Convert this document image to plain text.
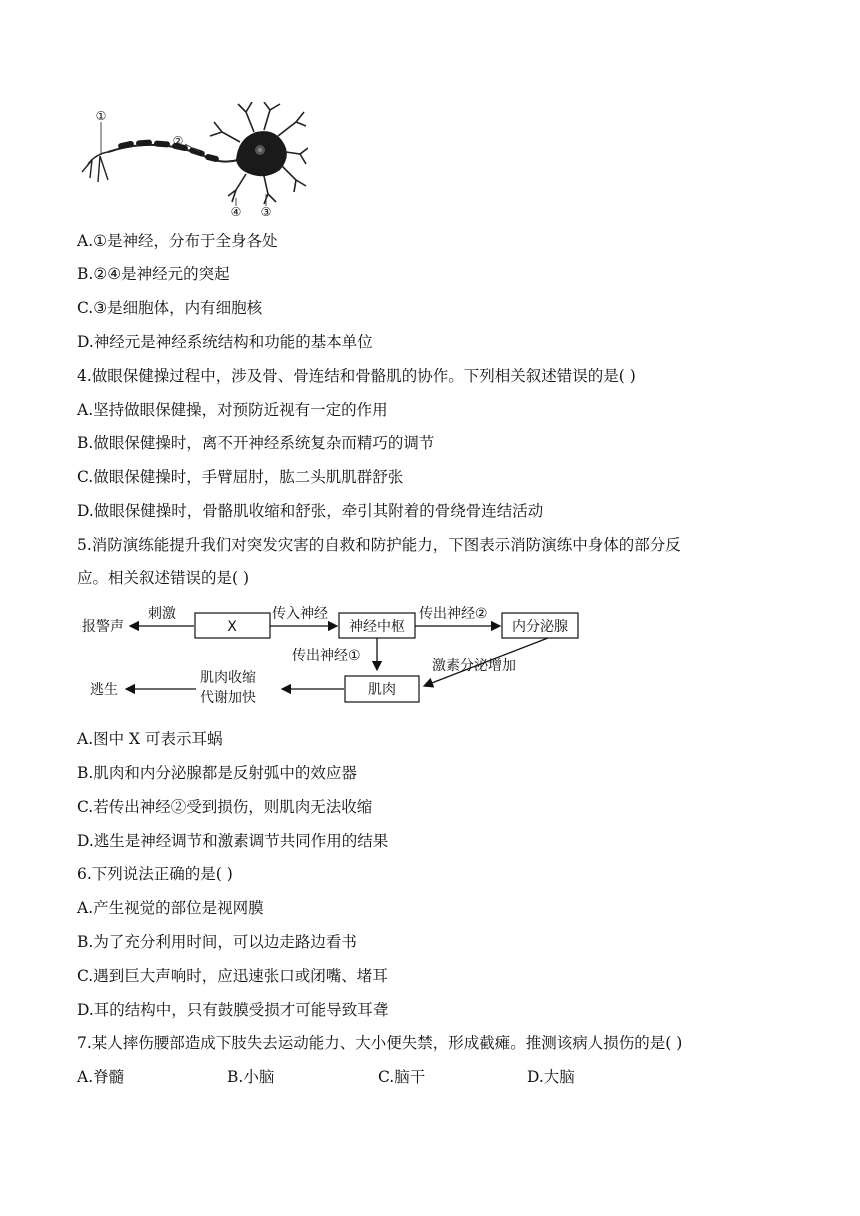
①
②
④ ③
A.①是神经，分布于全身各处
B.②④是神经元的突起
C.③是细胞体，内有细胞核
D.神经元是神经系统结构和功能的基本单位
4.做眼保健操过程中，涉及骨、骨连结和骨骼肌的协作。下列相关叙述错误的是( )
A.坚持做眼保健操，对预防近视有一定的作用
B.做眼保健操时，离不开神经系统复杂而精巧的调节
C.做眼保健操时，手臂屈肘，肱二头肌肌群舒张
D.做眼保健操时，骨骼肌收缩和舒张，牵引其附着的骨绕骨连结活动
5.消防演练能提升我们对突发灾害的自救和防护能力，下图表示消防演练中身体的部分反
应。相关叙述错误的是( )
报警声
刺激
X
传入神经
神经中枢
传出神经②
内分泌腺
传出神经①
激素分泌增加
肌肉
肌肉收缩
代谢加快
逃生
A.图中 X 可表示耳蜗
B.肌肉和内分泌腺都是反射弧中的效应器
C.若传出神经②受到损伤，则肌肉无法收缩
D.逃生是神经调节和激素调节共同作用的结果
6.下列说法正确的是( )
A.产生视觉的部位是视网膜
B.为了充分利用时间，可以边走路边看书
C.遇到巨大声响时，应迅速张口或闭嘴、堵耳
D.耳的结构中，只有鼓膜受损才可能导致耳聋
7.某人摔伤腰部造成下肢失去运动能力、大小便失禁，形成截瘫。推测该病人损伤的是( )
A.脊髓	B.小脑	C.脑干	D.大脑
